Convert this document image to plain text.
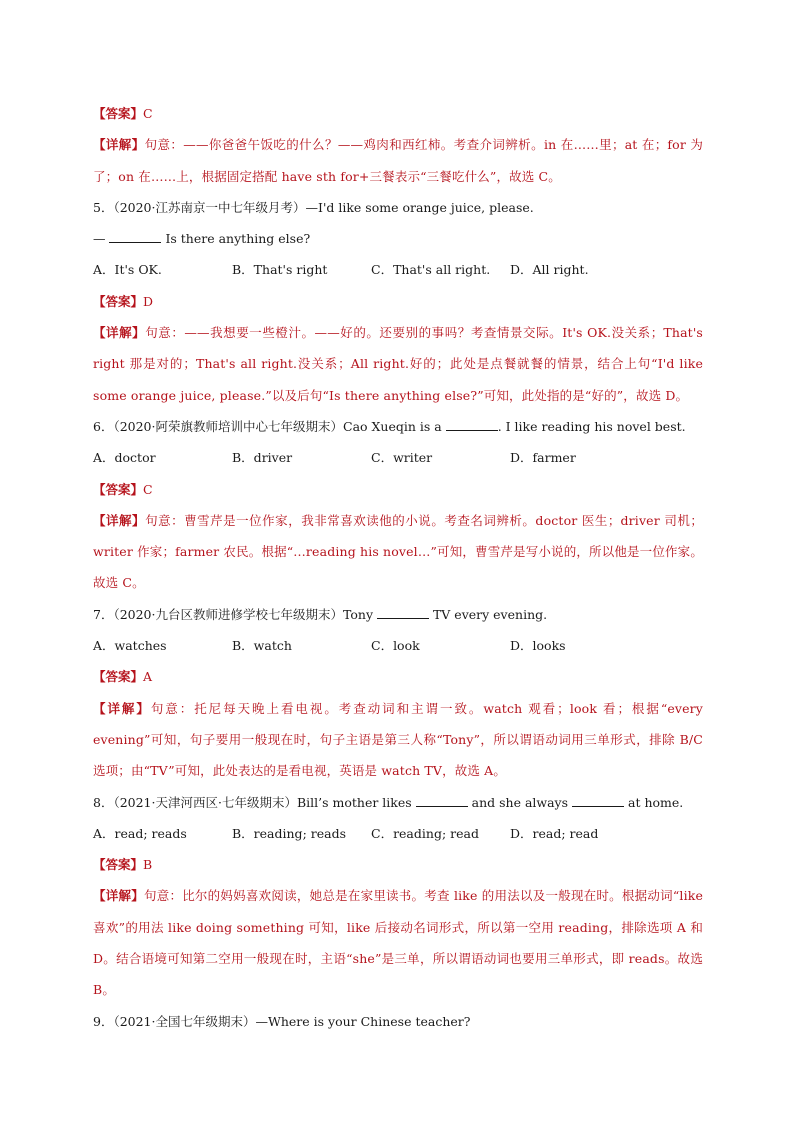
【答案】C
【详解】句意：——你爸爸午饭吃的什么？——鸡肉和西红柿。考查介词辨析。in 在……里；at 在；for 为了；on 在……上，根据固定搭配 have sth for+三餐表示“三餐吃什么”，故选 C。
5．（2020·江苏南京一中七年级月考）—I'd like some orange juice, please.
—	Is there anything else?
A．It's OK.	B．That's right	C．That's all right.	D．All right.
【答案】D
【详解】句意：——我想要一些橙汁。——好的。还要别的事吗？考查情景交际。It's OK.没关系；That's right 那是对的；That's all right.没关系；All right.好的；此处是点餐就餐的情景，结合上句“I'd like some orange juice, please.”以及后句“Is there anything else?”可知，此处指的是“好的”，故选 D。
6．（2020·阿荣旗教师培训中心七年级期末）Cao Xueqin is a	. I like reading his novel best.
A．doctor	B．driver	C．writer	D．farmer
【答案】C
【详解】句意：曹雪芹是一位作家，我非常喜欢读他的小说。考查名词辨析。doctor 医生；driver 司机；writer 作家；farmer 农民。根据“…reading his novel…”可知，曹雪芹是写小说的，所以他是一位作家。故选 C。
7．（2020·九台区教师进修学校七年级期末）Tony	TV every evening.
A．watches	B．watch	C．look	D．looks
【答案】A
【详解】句意：托尼每天晚上看电视。考查动词和主谓一致。watch 观看；look 看；根据“every evening”可知，句子要用一般现在时，句子主语是第三人称“Tony”，所以谓语动词用三单形式，排除 B/C 选项；由“TV”可知，此处表达的是看电视，英语是 watch TV，故选 A。
8．（2021·天津河西区·七年级期末）Bill’s mother likes	and she always	at home.
A．read; reads	B．reading; reads	C．reading; read	D．read; read
【答案】B
【详解】句意：比尔的妈妈喜欢阅读，她总是在家里读书。考查 like 的用法以及一般现在时。根据动词“like 喜欢”的用法 like doing something 可知，like 后接动名词形式，所以第一空用 reading，排除选项 A 和 D。结合语境可知第二空用一般现在时，主语“she”是三单，所以谓语动词也要用三单形式，即 reads。故选 B。
9．（2021·全国七年级期末）—Where is your Chinese teacher?
